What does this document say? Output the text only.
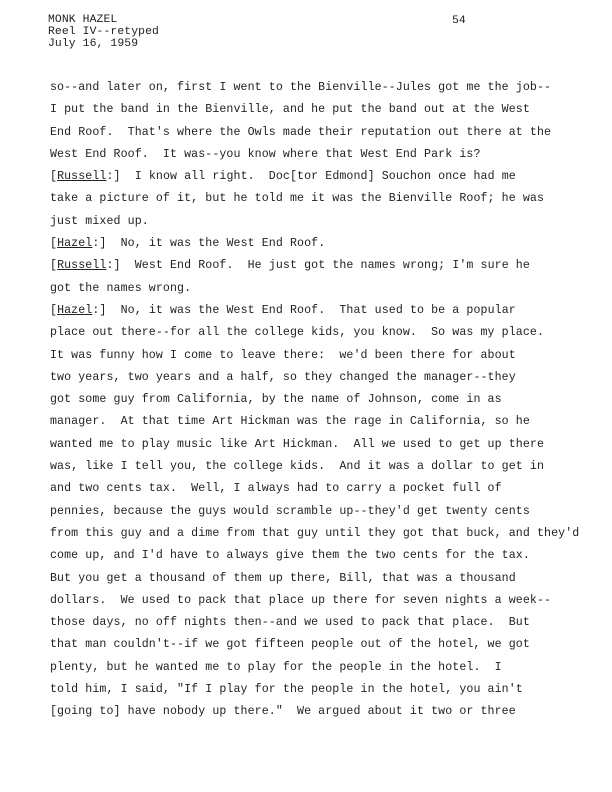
MONK HAZEL
Reel IV--retyped
July 16, 1959
54
so--and later on, first I went to the Bienville--Jules got me the job--
I put the band in the Bienville, and he put the band out at the West
End Roof.  That's where the Owls made their reputation out there at the
West End Roof.  It was--you know where that West End Park is?
[Russell:]  I know all right.  Doc[tor Edmond] Souchon once had me
take a picture of it, but he told me it was the Bienville Roof; he was
just mixed up.
[Hazel:]  No, it was the West End Roof.
[Russell:]  West End Roof.  He just got the names wrong; I'm sure he
got the names wrong.
[Hazel:]  No, it was the West End Roof.  That used to be a popular
place out there--for all the college kids, you know.  So was my place.
It was funny how I come to leave there:  we'd been there for about
two years, two years and a half, so they changed the manager--they
got some guy from California, by the name of Johnson, come in as
manager.  At that time Art Hickman was the rage in California, so he
wanted me to play music like Art Hickman.  All we used to get up there
was, like I tell you, the college kids.  And it was a dollar to get in
and two cents tax.  Well, I always had to carry a pocket full of
pennies, because the guys would scramble up--they'd get twenty cents
from this guy and a dime from that guy until they got that buck, and they'd
come up, and I'd have to always give them the two cents for the tax.
But you get a thousand of them up there, Bill, that was a thousand
dollars.  We used to pack that place up there for seven nights a week--
those days, no off nights then--and we used to pack that place.  But
that man couldn't--if we got fifteen people out of the hotel, we got
plenty, but he wanted me to play for the people in the hotel.  I
told him, I said, "If I play for the people in the hotel, you ain't
[going to] have nobody up there."  We argued about it two or three
